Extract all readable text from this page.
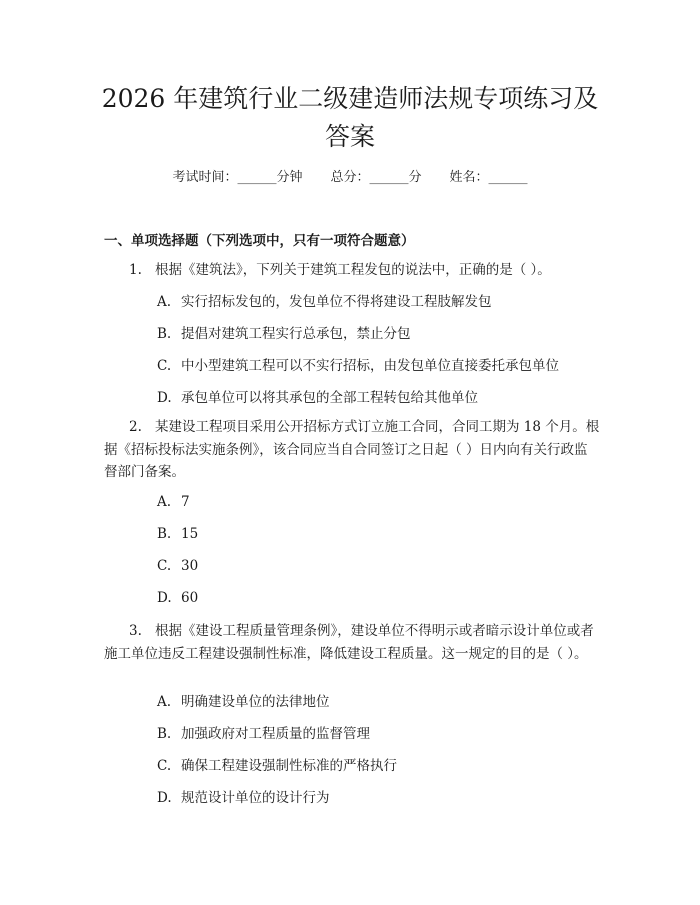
2026 年建筑行业二级建造师法规专项练习及
答案
考试时间：______分钟 总分：______分 姓名：______
一、单项选择题（下列选项中，只有一项符合题意）

1. 根据《建筑法》，下列关于建筑工程发包的说法中，正确的是（ ）。

A. 实行招标发包的，发包单位不得将建设工程肢解发包
B. 提倡对建筑工程实行总承包，禁止分包
C. 中小型建筑工程可以不实行招标，由发包单位直接委托承包单位
D. 承包单位可以将其承包的全部工程转包给其他单位

2. 某建设工程项目采用公开招标方式订立施工合同，合同工期为 18 个月。根据《招标投标法实施条例》，该合同应当自合同签订之日起（ ）日内向有关行政监督部门备案。

A. 7
B. 15
C. 30
D. 60

3. 根据《建设工程质量管理条例》，建设单位不得明示或者暗示设计单位或者施工单位违反工程建设强制性标准，降低建设工程质量。这一规定的目的是（ ）。

A. 明确建设单位的法律地位
B. 加强政府对工程质量的监督管理
C. 确保工程建设强制性标准的严格执行
D. 规范设计单位的设计行为
